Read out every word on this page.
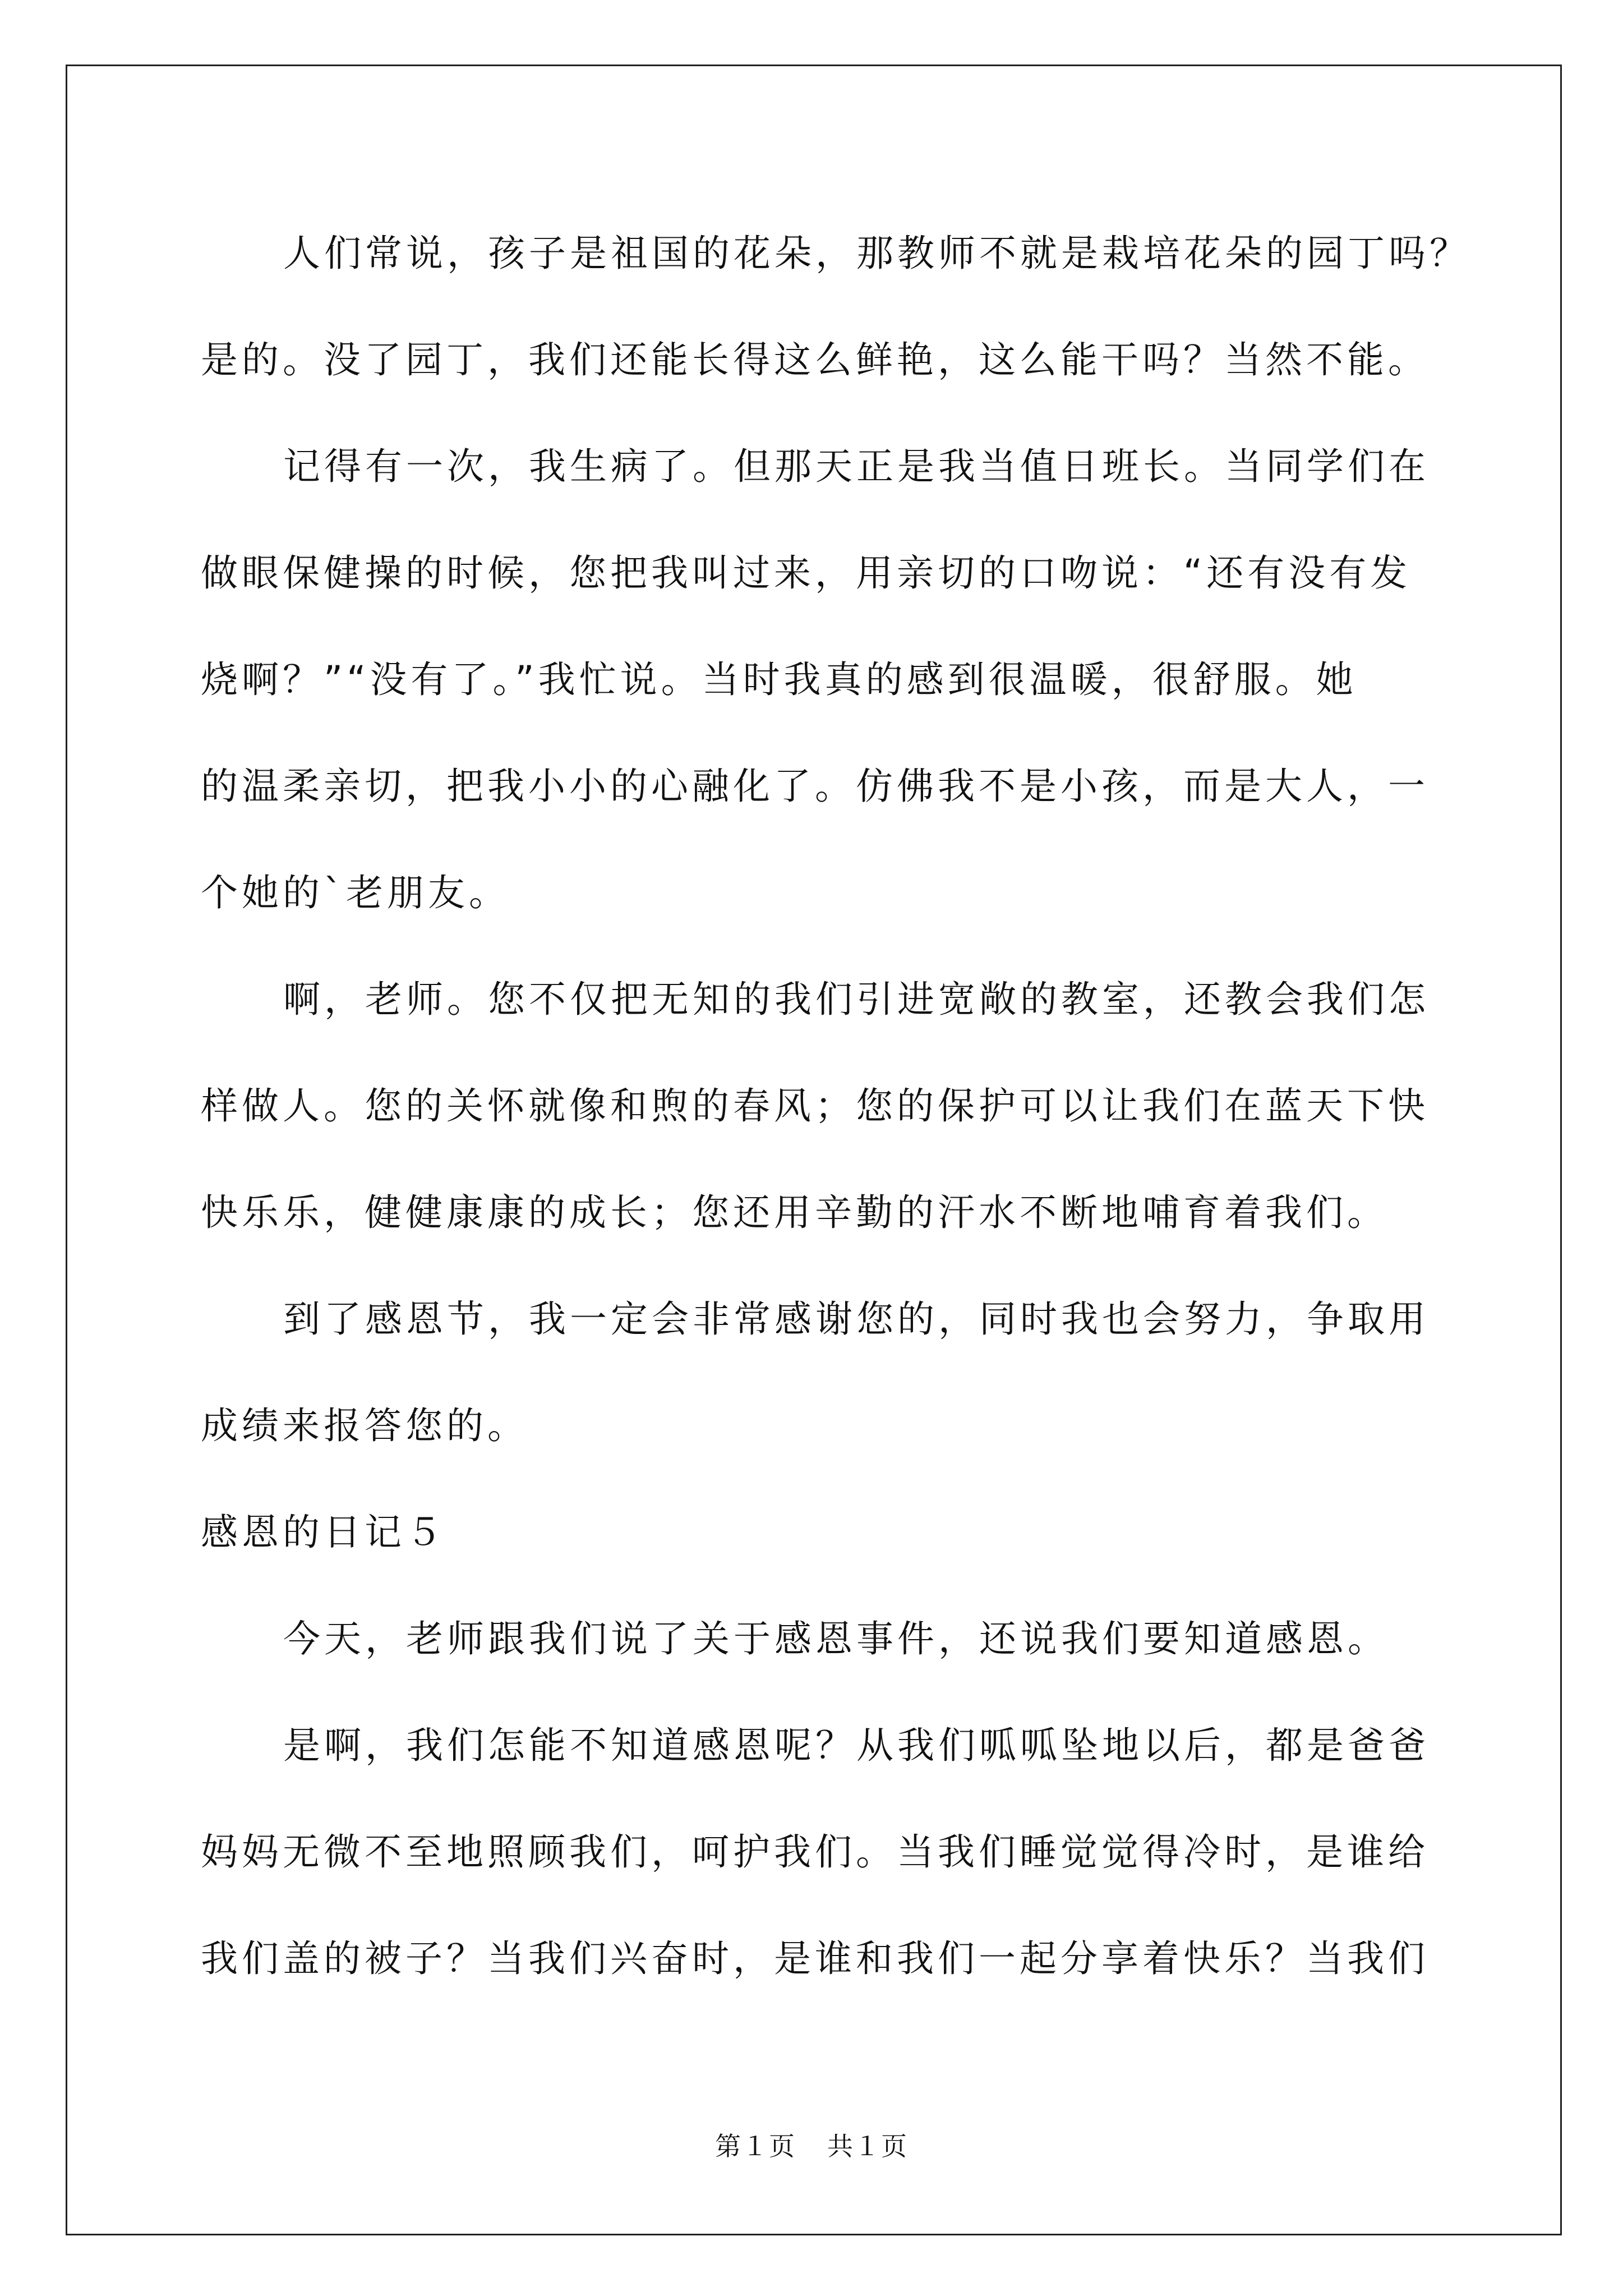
人们常说，孩子是祖国的花朵，那教师不就是栽培花朵的园丁吗？
是的。没了园丁，我们还能长得这么鲜艳，这么能干吗？当然不能。
记得有一次，我生病了。但那天正是我当值日班长。当同学们在
做眼保健操的时候，您把我叫过来，用亲切的口吻说：“还有没有发
烧啊？”“没有了。”我忙说。当时我真的感到很温暖，很舒服。她
的温柔亲切，把我小小的心融化了。仿佛我不是小孩，而是大人，一
个她的`老朋友。
啊，老师。您不仅把无知的我们引进宽敞的教室，还教会我们怎
样做人。您的关怀就像和煦的春风；您的保护可以让我们在蓝天下快
快乐乐，健健康康的成长；您还用辛勤的汗水不断地哺育着我们。
到了感恩节，我一定会非常感谢您的，同时我也会努力，争取用
成绩来报答您的。
感恩的日记５
今天，老师跟我们说了关于感恩事件，还说我们要知道感恩。
是啊，我们怎能不知道感恩呢？从我们呱呱坠地以后，都是爸爸
妈妈无微不至地照顾我们，呵护我们。当我们睡觉觉得冷时，是谁给
我们盖的被子？当我们兴奋时，是谁和我们一起分享着快乐？当我们
第１页 共１页
